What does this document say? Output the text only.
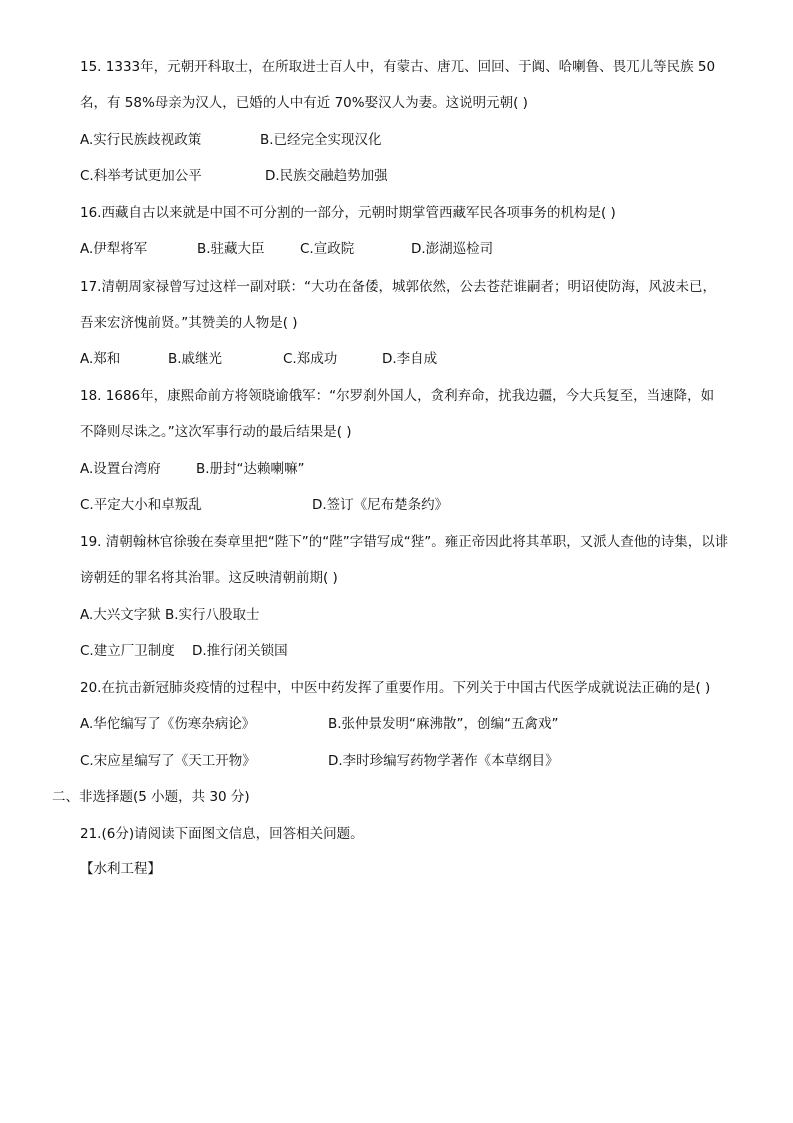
15. 1333年，元朝开科取士，在所取进士百人中，有蒙古、唐兀、回回、于阗、哈喇鲁、畏兀儿等民族 50
名，有 58%母亲为汉人，已婚的人中有近 70%娶汉人为妻。这说明元朝( )
A.实行民族歧视政策	B.已经完全实现汉化
C.科举考试更加公平	D.民族交融趋势加强
16.西藏自古以来就是中国不可分割的一部分，元朝时期掌管西藏军民各项事务的机构是( )
A.伊犁将军	B.驻藏大臣	C.宣政院	D.澎湖巡检司
17.清朝周家禄曾写过这样一副对联：“大功在备倭，城郭依然，公去苍茫谁嗣者；明诏使防海，风波未已，
吾来宏济愧前贤。”其赞美的人物是( )
A.郑和	B.戚继光	C.郑成功	D.李自成
18. 1686年，康熙命前方将领晓谕俄军：“尔罗刹外国人，贪利弃命，扰我边疆，今大兵复至，当速降，如
不降则尽诛之。”这次军事行动的最后结果是( )
A.设置台湾府	B.册封“达赖喇嘛”
C.平定大小和卓叛乱	D.签订《尼布楚条约》
19. 清朝翰林官徐骏在奏章里把“陛下”的“陛”字错写成“狴”。雍正帝因此将其革职，又派人查他的诗集，以诽
谤朝廷的罪名将其治罪。这反映清朝前期( )
A.大兴文字狱 B.实行八股取士
C.建立厂卫制度 D.推行闭关锁国
20.在抗击新冠肺炎疫情的过程中，中医中药发挥了重要作用。下列关于中国古代医学成就说法正确的是( )
A.华佗编写了《伤寒杂病论》	B.张仲景发明“麻沸散”，创编“五禽戏”
C.宋应星编写了《天工开物》	D.李时珍编写药物学著作《本草纲目》
二、非选择题(5 小题，共 30 分)
21.(6分)请阅读下面图文信息，回答相关问题。
【水利工程】
